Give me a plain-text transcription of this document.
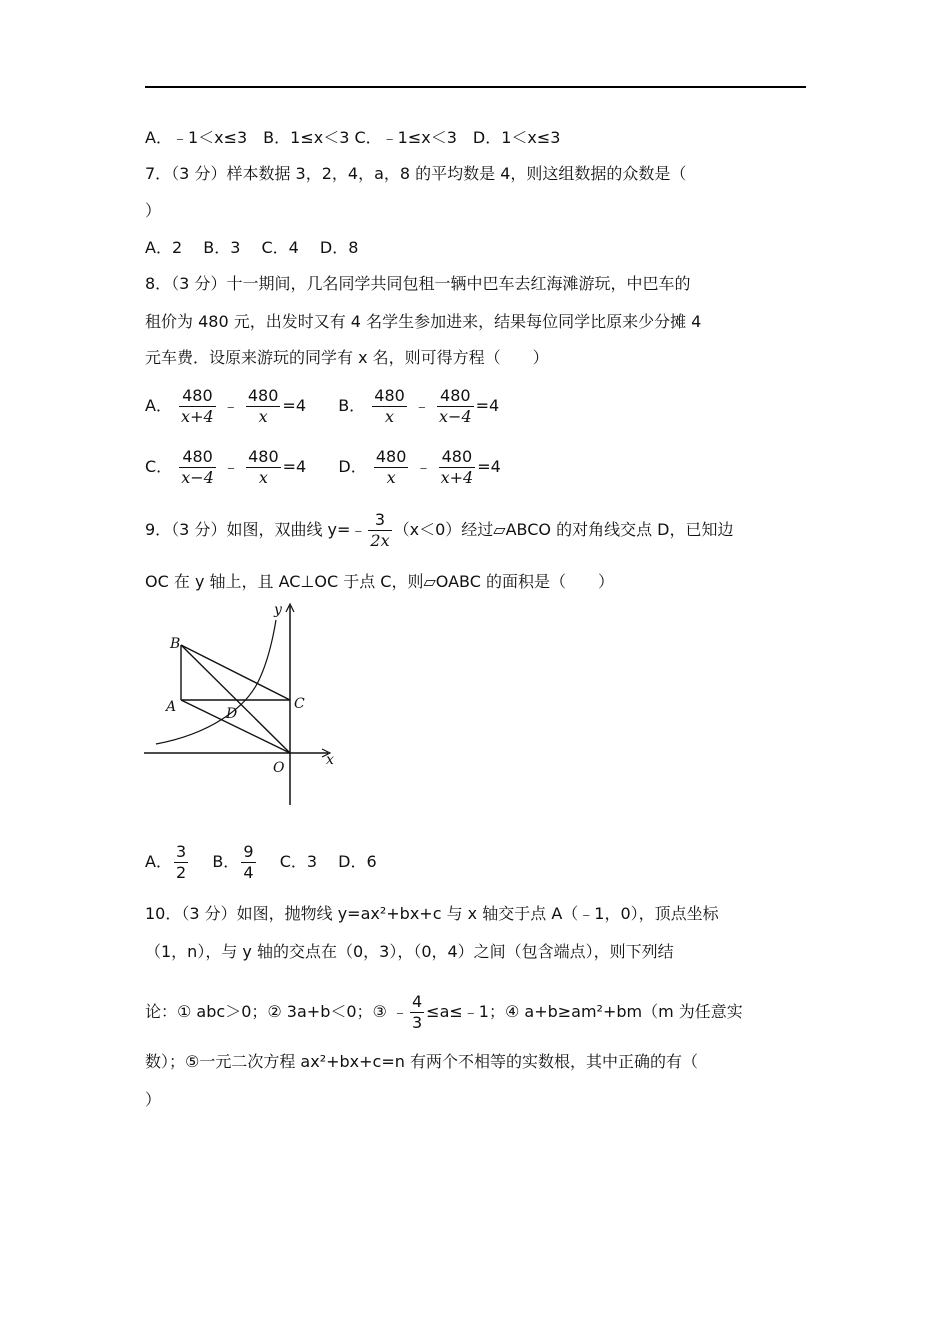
A．﹣1＜x≤3　B．1≤x＜3 C．﹣1≤x＜3　D．1＜x≤3
7．（3 分）样本数据 3，2，4，a，8 的平均数是 4，则这组数据的众数是（
）
A．2　 B．3　 C．4　 D．8
8．（3 分）十一期间，几名同学共同包租一辆中巴车去红海滩游玩，中巴车的
租价为 480 元，出发时又有 4 名学生参加进来，结果每位同学比原来少分摊 4
元车费．设原来游玩的同学有 x 名，则可得方程（　　）
A． $\frac{480}{x+4}$ ﹣ $\frac{480}{x} =4$ B． $\frac{480}{x}$ ﹣ $\frac{480}{x-4} =4$
C． $\frac{480}{x-4}$ ﹣ $\frac{480}{x} =4$ D． $\frac{480}{x}$ ﹣ $\frac{480}{x+4} =4$
9．（3 分）如图，双曲线 y=﹣ $\frac{3}{2x} (x<0)$经过▱ABCO 的对角线交点 D，已知边
OC 在 y 轴上，且 AC⊥OC 于点 C，则▱OABC 的面积是（　　）
y
x
B
A	C
D
O
A． $\frac{3}{2}$ B． $\frac{9}{4}$ C．3　 D．6
10．（3 分）如图，抛物线 y=ax²+bx+c 与 x 轴交于点 A（﹣1，0），顶点坐标
（1，n），与 y 轴的交点在（0，3），（0，4）之间（包含端点），则下列结
论：① abc＞0；② 3a+b＜0；③ ﹣ $\frac{4}{3}$ ≤a≤﹣1；④ a+b≥am²+bm（m 为任意实
数）；⑤一元二次方程 ax²+bx+c=n 有两个不相等的实数根，其中正确的有（
）
